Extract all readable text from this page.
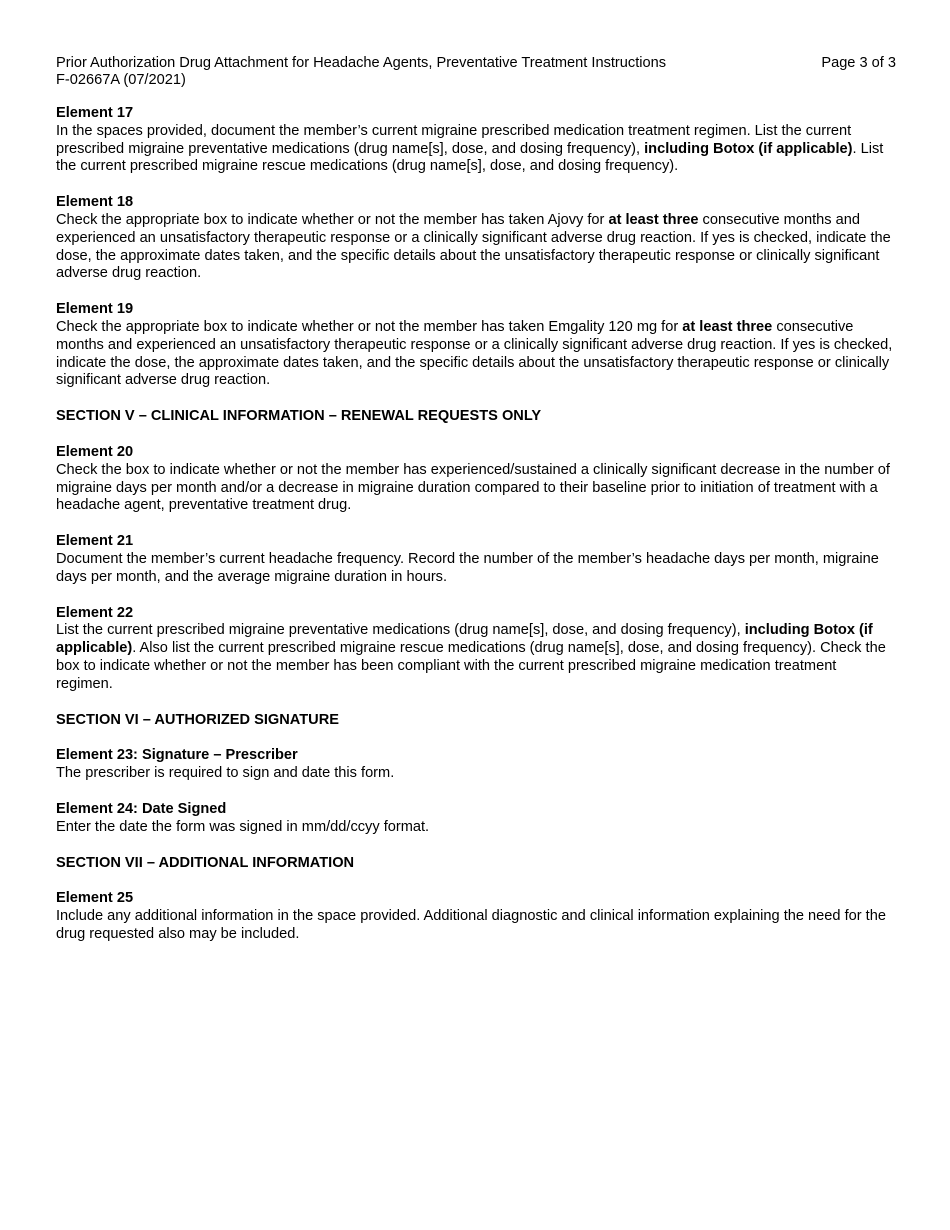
Prior Authorization Drug Attachment for Headache Agents, Preventative Treatment Instructions
F-02667A (07/2021)
Page 3 of 3
Element 17

In the spaces provided, document the member’s current migraine prescribed medication treatment regimen. List the current prescribed migraine preventative medications (drug name[s], dose, and dosing frequency), including Botox (if applicable). List the current prescribed migraine rescue medications (drug name[s], dose, and dosing frequency).

Element 18

Check the appropriate box to indicate whether or not the member has taken Ajovy for at least three consecutive months and experienced an unsatisfactory therapeutic response or a clinically significant adverse drug reaction. If yes is checked, indicate the dose, the approximate dates taken, and the specific details about the unsatisfactory therapeutic response or clinically significant adverse drug reaction.

Element 19

Check the appropriate box to indicate whether or not the member has taken Emgality 120 mg for at least three consecutive months and experienced an unsatisfactory therapeutic response or a clinically significant adverse drug reaction. If yes is checked, indicate the dose, the approximate dates taken, and the specific details about the unsatisfactory therapeutic response or clinically significant adverse drug reaction.

SECTION V – CLINICAL INFORMATION – RENEWAL REQUESTS ONLY
Element 20

Check the box to indicate whether or not the member has experienced/sustained a clinically significant decrease in the number of migraine days per month and/or a decrease in migraine duration compared to their baseline prior to initiation of treatment with a headache agent, preventative treatment drug.

Element 21

Document the member’s current headache frequency. Record the number of the member’s headache days per month, migraine days per month, and the average migraine duration in hours.

Element 22

List the current prescribed migraine preventative medications (drug name[s], dose, and dosing frequency), including Botox (if applicable). Also list the current prescribed migraine rescue medications (drug name[s], dose, and dosing frequency). Check the box to indicate whether or not the member has been compliant with the current prescribed migraine medication treatment regimen.

SECTION VI – AUTHORIZED SIGNATURE
Element 23: Signature – Prescriber

The prescriber is required to sign and date this form.

Element 24: Date Signed

Enter the date the form was signed in mm/dd/ccyy format.

SECTION VII – ADDITIONAL INFORMATION
Element 25

Include any additional information in the space provided. Additional diagnostic and clinical information explaining the need for the drug requested also may be included.
